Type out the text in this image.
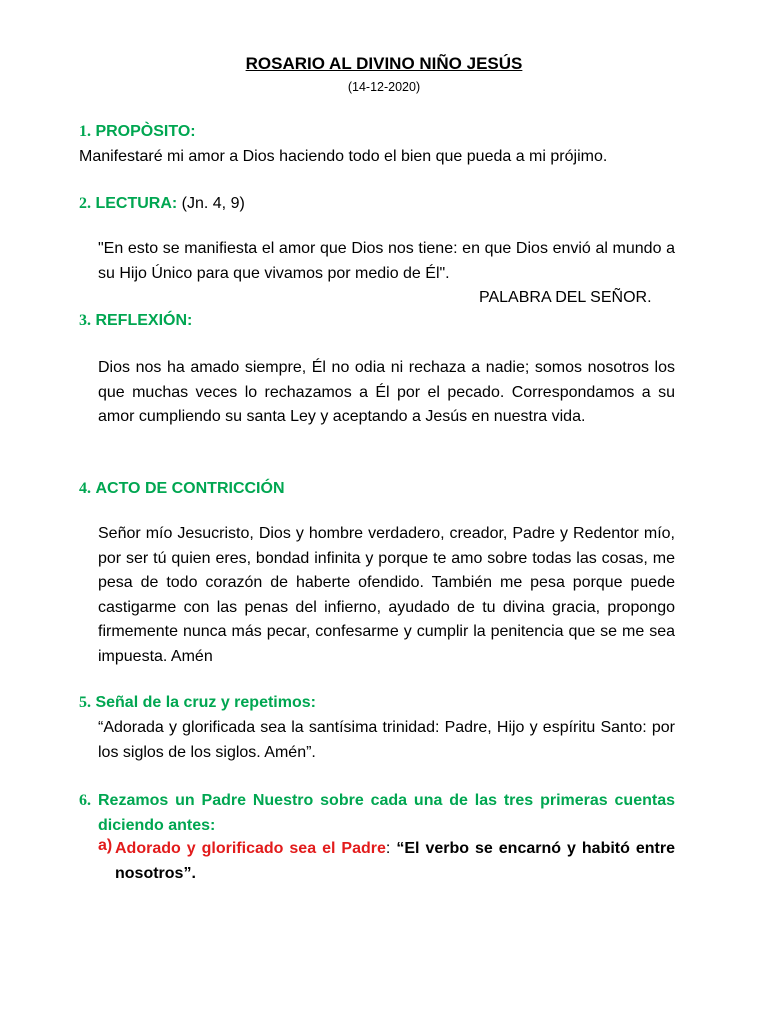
ROSARIO AL DIVINO NIÑO JESÚS
(14-12-2020)
1. PROPÒSITO:
Manifestaré mi amor a Dios haciendo todo el bien que pueda a mi prójimo.
2. LECTURA: (Jn. 4, 9)
"En esto se manifiesta el amor que Dios nos tiene: en que Dios envió al mundo a su Hijo Único para que vivamos por medio de Él".
PALABRA DEL SEÑOR.
3. REFLEXIÓN:
Dios nos ha amado siempre, Él no odia ni rechaza a nadie; somos nosotros los que muchas veces lo rechazamos a Él por el pecado. Correspondamos a su amor cumpliendo su santa Ley y aceptando a Jesús en nuestra vida.
4. ACTO DE CONTRICCIÓN
Señor mío Jesucristo, Dios y hombre verdadero, creador, Padre y Redentor mío, por ser tú quien eres, bondad infinita y porque te amo sobre todas las cosas, me pesa de todo corazón de haberte ofendido. También me pesa porque puede castigarme con las penas del infierno, ayudado de tu divina gracia, propongo firmemente nunca más pecar, confesarme y cumplir la penitencia que se me sea impuesta. Amén
5. Señal de la cruz y repetimos:
“Adorada y glorificada sea la santísima trinidad: Padre, Hijo y espíritu Santo: por los siglos de los siglos. Amén”.
6. Rezamos un Padre Nuestro sobre cada una de las tres primeras cuentas diciendo antes:
a) Adorado y glorificado sea el Padre: “El verbo se encarnó y habitó entre nosotros”.
